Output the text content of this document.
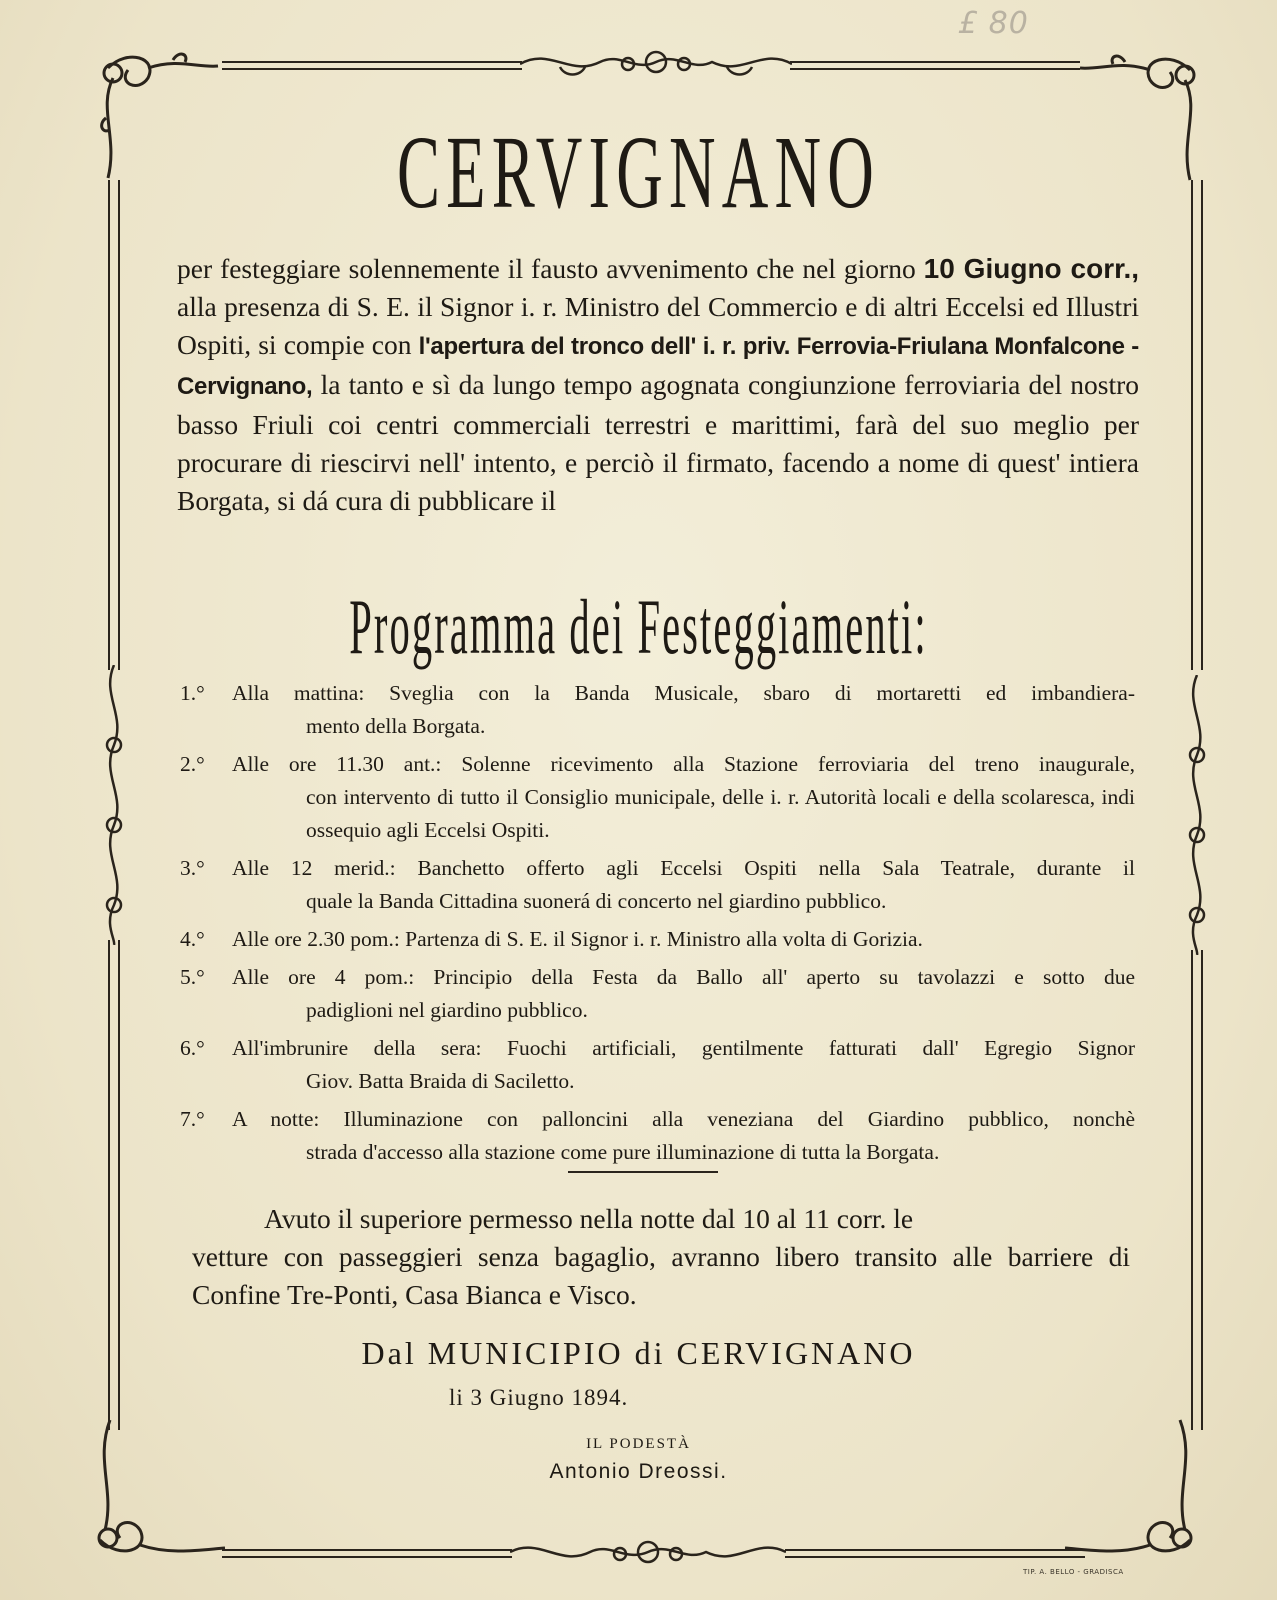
£ 80
CERVIGNANO
per festeggiare solennemente il fausto avvenimento che nel giorno 10 Giugno corr., alla presenza di S. E. il Signor i. r. Ministro del Commercio e di altri Eccelsi ed Illustri Ospiti, si compie con l'apertura del tronco dell' i. r. priv. Ferrovia-Friulana Monfalcone - Cervignano, la tanto e sì da lungo tempo agognata congiunzione ferroviaria del nostro basso Friuli coi centri commerciali terrestri e marittimi, farà del suo meglio per procurare di riescirvi nell' intento, e perciò il firmato, facendo a nome di quest' intiera Borgata, si dá cura di pubblicare il
Programma dei Festeggiamenti:
1.°	Alla mattina: Sveglia con la Banda Musicale, sbaro di mortaretti ed imbandiera-
mento della Borgata.
2.°	Alle ore 11.30 ant.: Solenne ricevimento alla Stazione ferroviaria del treno inaugurale,
con intervento di tutto il Consiglio municipale, delle i. r. Autorità locali e della scolaresca, indi ossequio agli Eccelsi Ospiti.
3.°	Alle 12 merid.: Banchetto offerto agli Eccelsi Ospiti nella Sala Teatrale, durante il
quale la Banda Cittadina suonerá di concerto nel giardino pubblico.
4.°	Alle ore 2.30 pom.: Partenza di S. E. il Signor i. r. Ministro alla volta di Gorizia.
5.°	Alle ore 4 pom.: Principio della Festa da Ballo all' aperto su tavolazzi e sotto due
padiglioni nel giardino pubblico.
6.°	All'imbrunire della sera: Fuochi artificiali, gentilmente fatturati dall' Egregio Signor
Giov. Batta Braida di Saciletto.
7.°	A notte: Illuminazione con palloncini alla veneziana del Giardino pubblico, nonchè
strada d'accesso alla stazione come pure illuminazione di tutta la Borgata.
Avuto il superiore permesso nella notte dal 10 al 11 corr. le
vetture con passeggieri senza bagaglio, avranno libero transito alle barriere di Confine Tre-Ponti, Casa Bianca e Visco.
Dal MUNICIPIO di CERVIGNANO
li 3 Giugno 1894.
IL PODESTÀ
Antonio Dreossi.
TIP. A. BELLO - GRADISCA
